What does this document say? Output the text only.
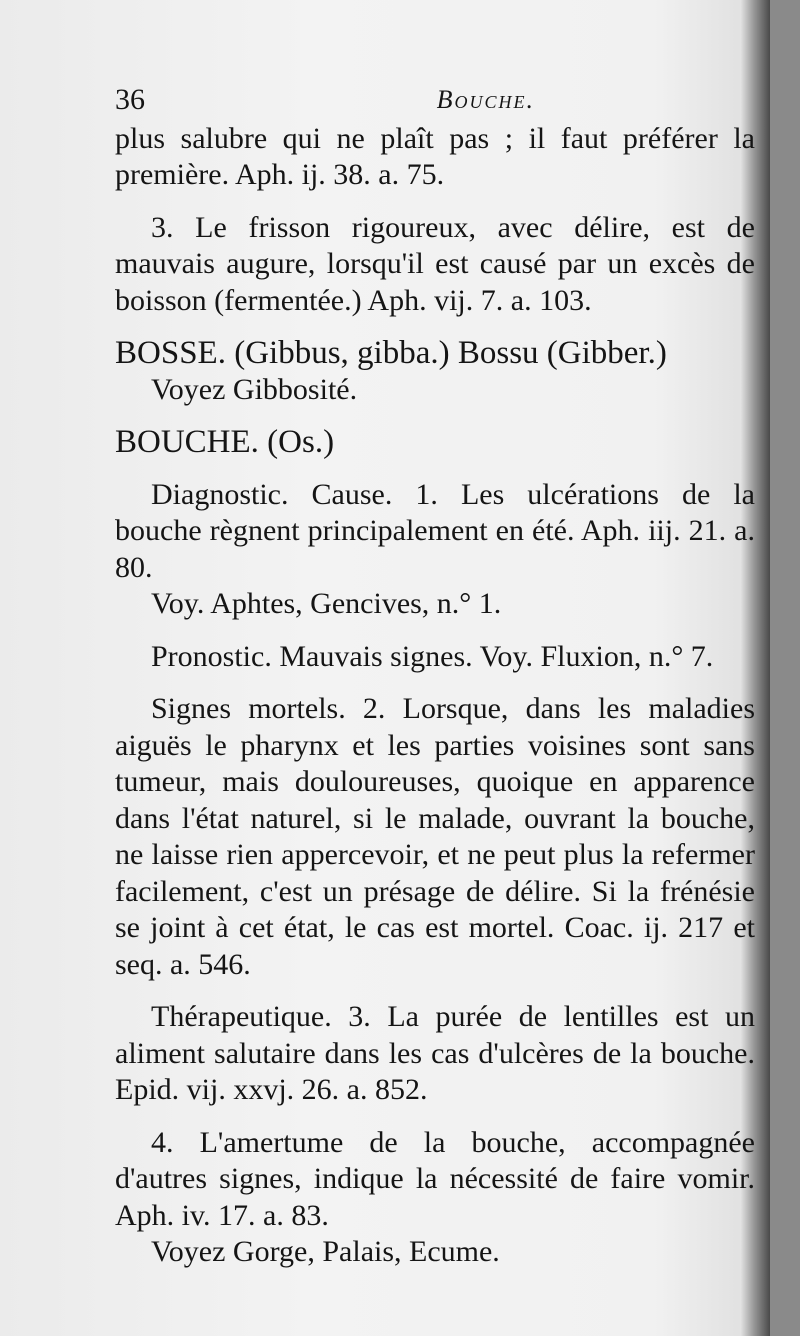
36	Bouche.

plus salubre qui ne plaît pas ; il faut préférer la première. Aph. ij. 38. a. 75.

3. Le frisson rigoureux, avec délire, est de mauvais augure, lorsqu'il est causé par un excès de boisson (fermentée.) Aph. vij. 7. a. 103.

BOSSE. (Gibbus, gibba.) Bossu (Gibber.)

Voyez Gibbosité.

BOUCHE. (Os.)

Diagnostic. Cause. 1. Les ulcérations de la bouche règnent principalement en été. Aph. iij. 21. a. 80.

Voy. Aphtes, Gencives, n.° 1.

Pronostic. Mauvais signes. Voy. Fluxion, n.° 7.

Signes mortels. 2. Lorsque, dans les maladies aiguës le pharynx et les parties voisines sont sans tumeur, mais douloureuses, quoique en apparence dans l'état naturel, si le malade, ouvrant la bouche, ne laisse rien appercevoir, et ne peut plus la refermer facilement, c'est un présage de délire. Si la frénésie se joint à cet état, le cas est mortel. Coac. ij. 217 et seq. a. 546.

Thérapeutique. 3. La purée de lentilles est un aliment salutaire dans les cas d'ulcères de la bouche. Epid. vij. xxvj. 26. a. 852.

4. L'amertume de la bouche, accompagnée d'autres signes, indique la nécessité de faire vomir. Aph. iv. 17. a. 83.

Voyez Gorge, Palais, Ecume.
